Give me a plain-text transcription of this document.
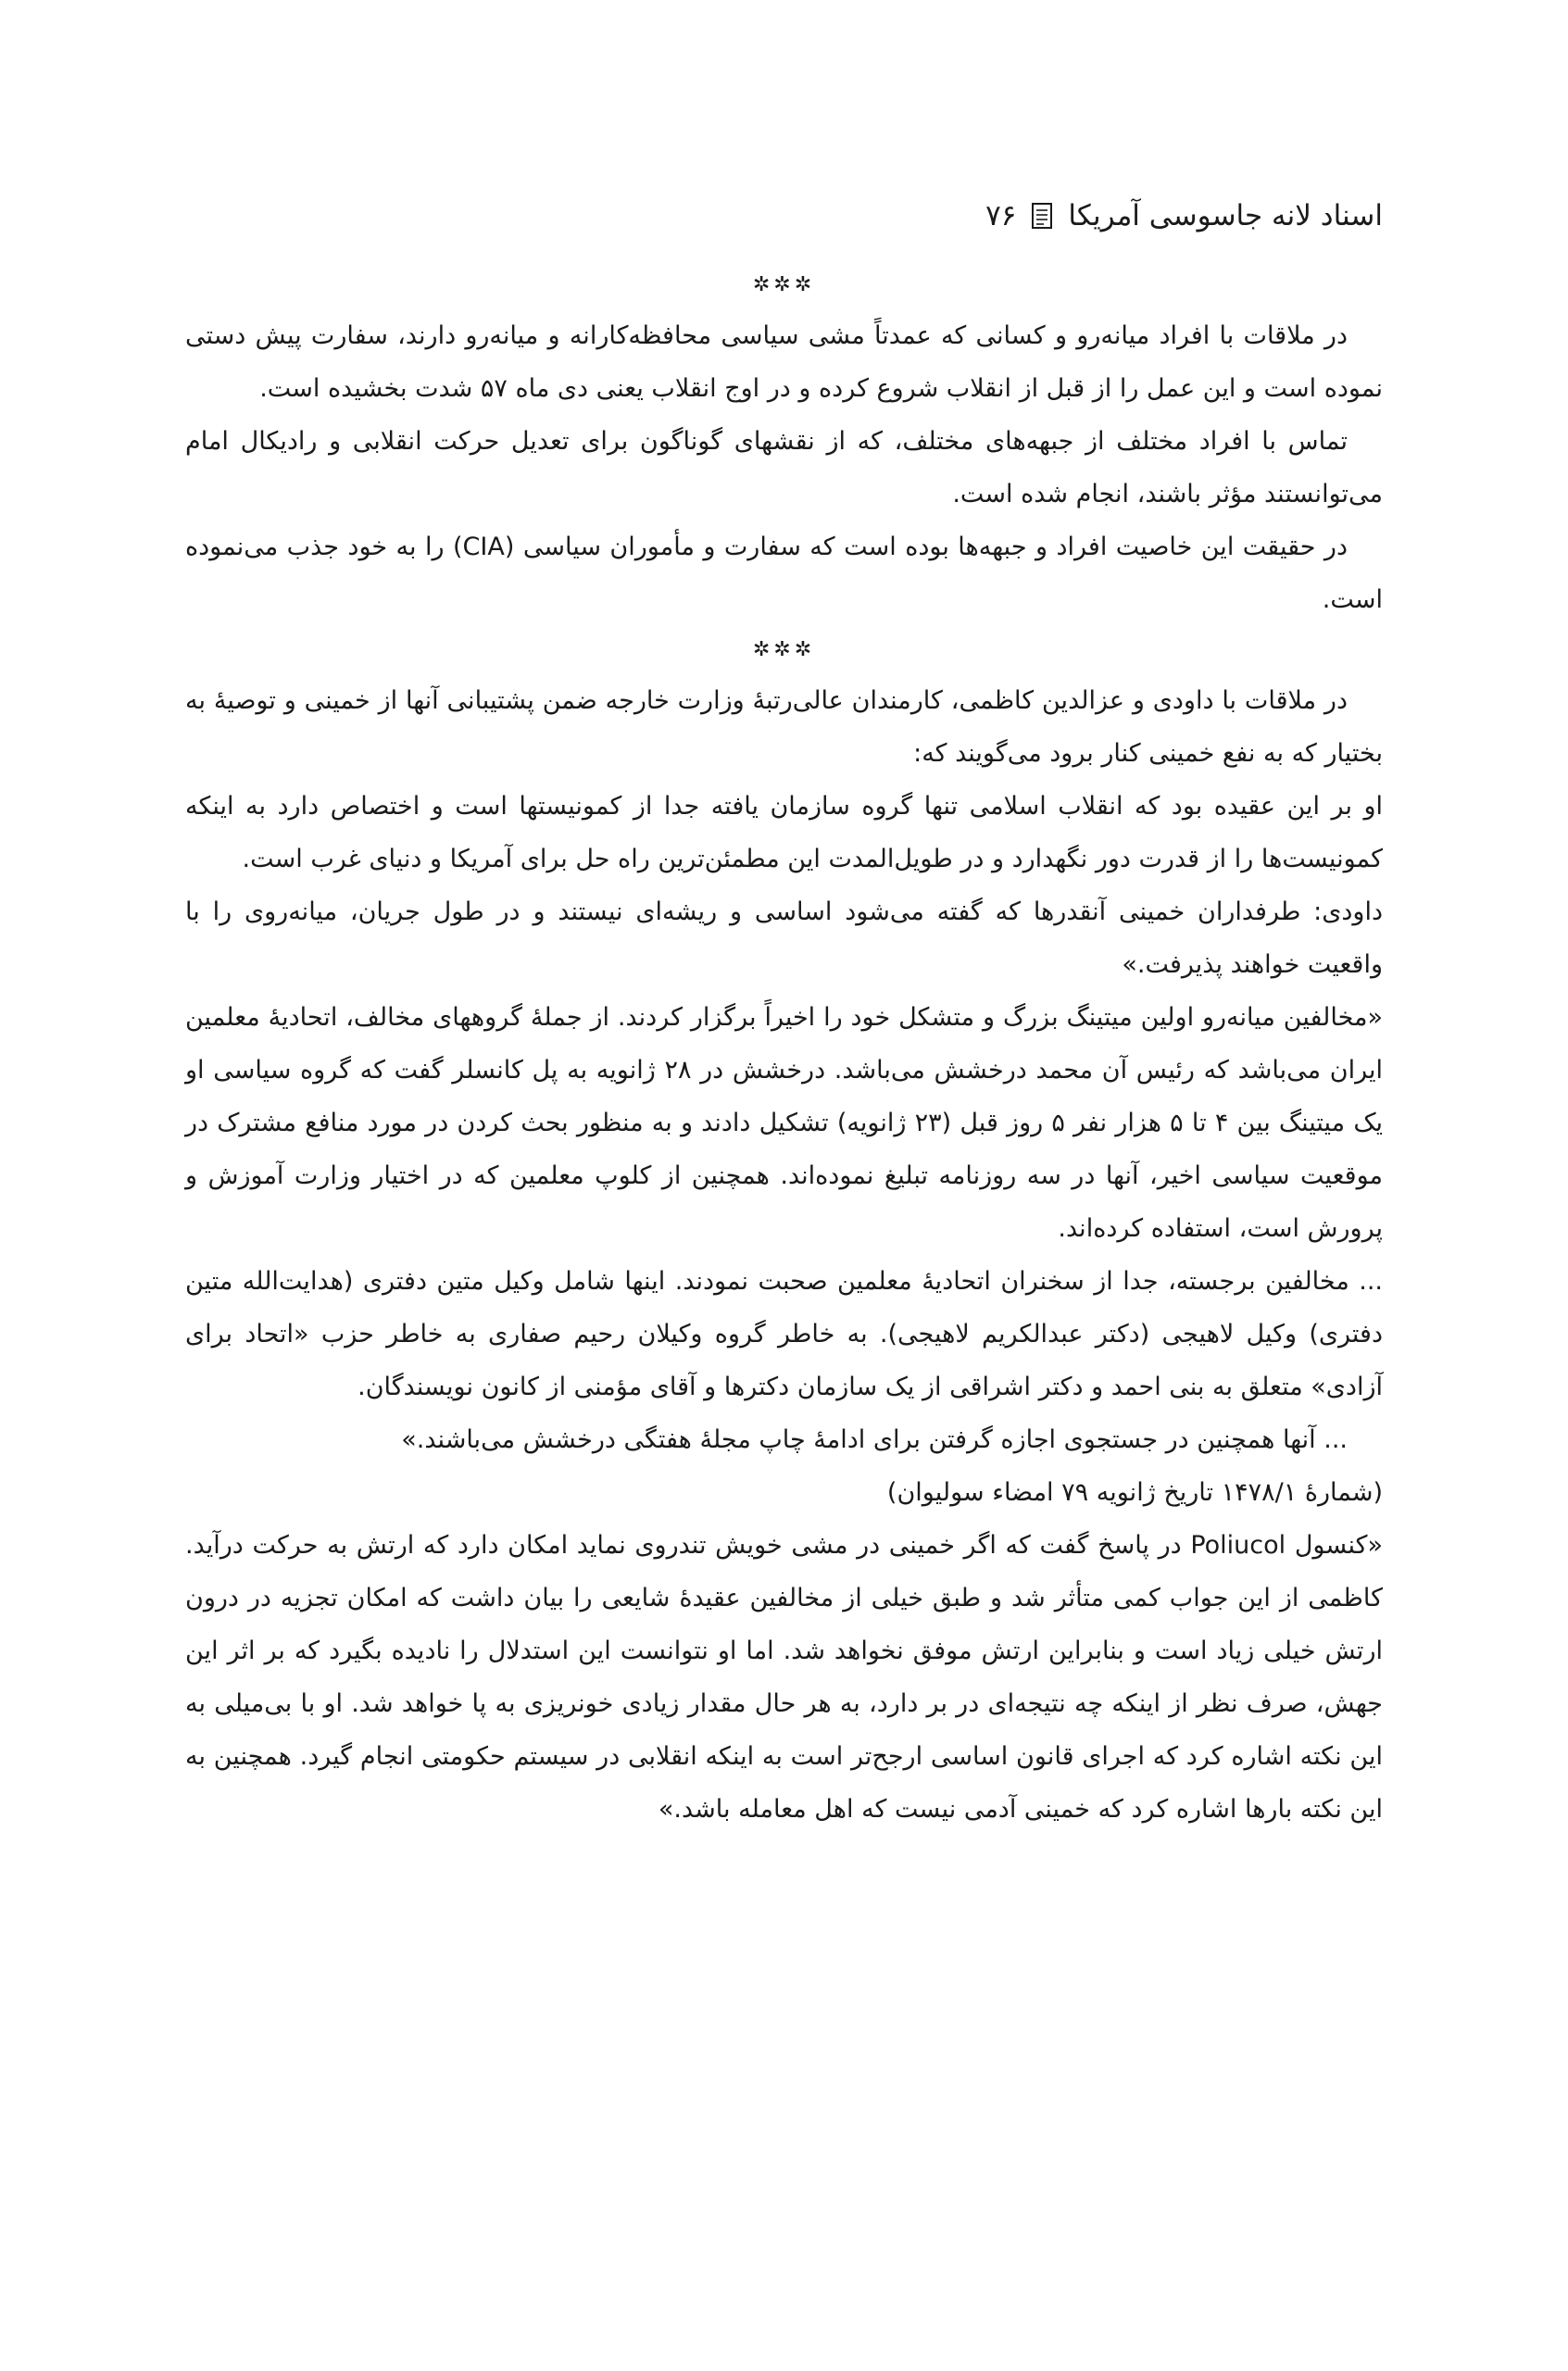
۷۶ اسناد لانه جاسوسی آمریکا

✲✲✲

در ملاقات با افراد میانه‌رو و کسانی که عمدتاً مشی سیاسی محافظه‌کارانه و میانه‌رو دارند، سفارت پیش دستی نموده است و این عمل را از قبل از انقلاب شروع کرده و در اوج انقلاب یعنی دی ماه ۵۷ شدت بخشیده است.

تماس با افراد مختلف از جبهه‌های مختلف، که از نقشهای گوناگون برای تعدیل حرکت انقلابی و رادیکال امام می‌توانستند مؤثر باشند، انجام شده است.

در حقیقت این خاصیت افراد و جبهه‌ها بوده است که سفارت و مأموران سیاسی (CIA) را به خود جذب می‌نموده است.

✲✲✲

در ملاقات با داودی و عزالدین کاظمی، کارمندان عالی‌رتبهٔ وزارت خارجه ضمن پشتیبانی آنها از خمینی و توصیهٔ به بختیار که به نفع خمینی کنار برود می‌گویند که:

او بر این عقیده بود که انقلاب اسلامی تنها گروه سازمان یافته جدا از کمونیستها است و اختصاص دارد به اینکه کمونیست‌ها را از قدرت دور نگهدارد و در طویل‌المدت این مطمئن‌ترین راه حل برای آمریکا و دنیای غرب است.

داودی: طرفداران خمینی آنقدرها که گفته می‌شود اساسی و ریشه‌ای نیستند و در طول جریان، میانه‌روی را با واقعیت خواهند پذیرفت.»

«مخالفین میانه‌رو اولین میتینگ بزرگ و متشکل خود را اخیراً برگزار کردند. از جملهٔ گروههای مخالف، اتحادیهٔ معلمین ایران می‌باشد که رئیس آن محمد درخشش می‌باشد. درخشش در ۲۸ ژانویه به پل کانسلر گفت که گروه سیاسی او یک میتینگ بین ۴ تا ۵ هزار نفر ۵ روز قبل (۲۳ ژانویه) تشکیل دادند و به منظور بحث کردن در مورد منافع مشترک در موقعیت سیاسی اخیر، آنها در سه روزنامه تبلیغ نموده‌اند. همچنین از کلوپ معلمین که در اختیار وزارت آموزش و پرورش است، استفاده کرده‌اند.

... مخالفین برجسته، جدا از سخنران اتحادیهٔ معلمین صحبت نمودند. اینها شامل وکیل متین دفتری (هدایت‌الله متین دفتری) وکیل لاهیجی (دکتر عبدالکریم لاهیجی). به خاطر گروه وکیلان رحیم صفاری به خاطر حزب «اتحاد برای آزادی» متعلق به بنی احمد و دکتر اشراقی از یک سازمان دکترها و آقای مؤمنی از کانون نویسندگان.

... آنها همچنین در جستجوی اجازه گرفتن برای ادامهٔ چاپ مجلهٔ هفتگی درخشش می‌باشند.»

(شمارهٔ ۱۴۷۸/۱ تاریخ ژانویه ۷۹ امضاء سولیوان)

«کنسول Poliucol در پاسخ گفت که اگر خمینی در مشی خویش تندروی نماید امکان دارد که ارتش به حرکت درآید. کاظمی از این جواب کمی متأثر شد و طبق خیلی از مخالفین عقیدهٔ شایعی را بیان داشت که امکان تجزیه در درون ارتش خیلی زیاد است و بنابراین ارتش موفق نخواهد شد. اما او نتوانست این استدلال را نادیده بگیرد که بر اثر این جهش، صرف نظر از اینکه چه نتیجه‌ای در بر دارد، به هر حال مقدار زیادی خونریزی به پا خواهد شد. او با بی‌میلی به این نکته اشاره کرد که اجرای قانون اساسی ارجح‌تر است به اینکه انقلابی در سیستم حکومتی انجام گیرد. همچنین به این نکته بارها اشاره کرد که خمینی آدمی نیست که اهل معامله باشد.»
